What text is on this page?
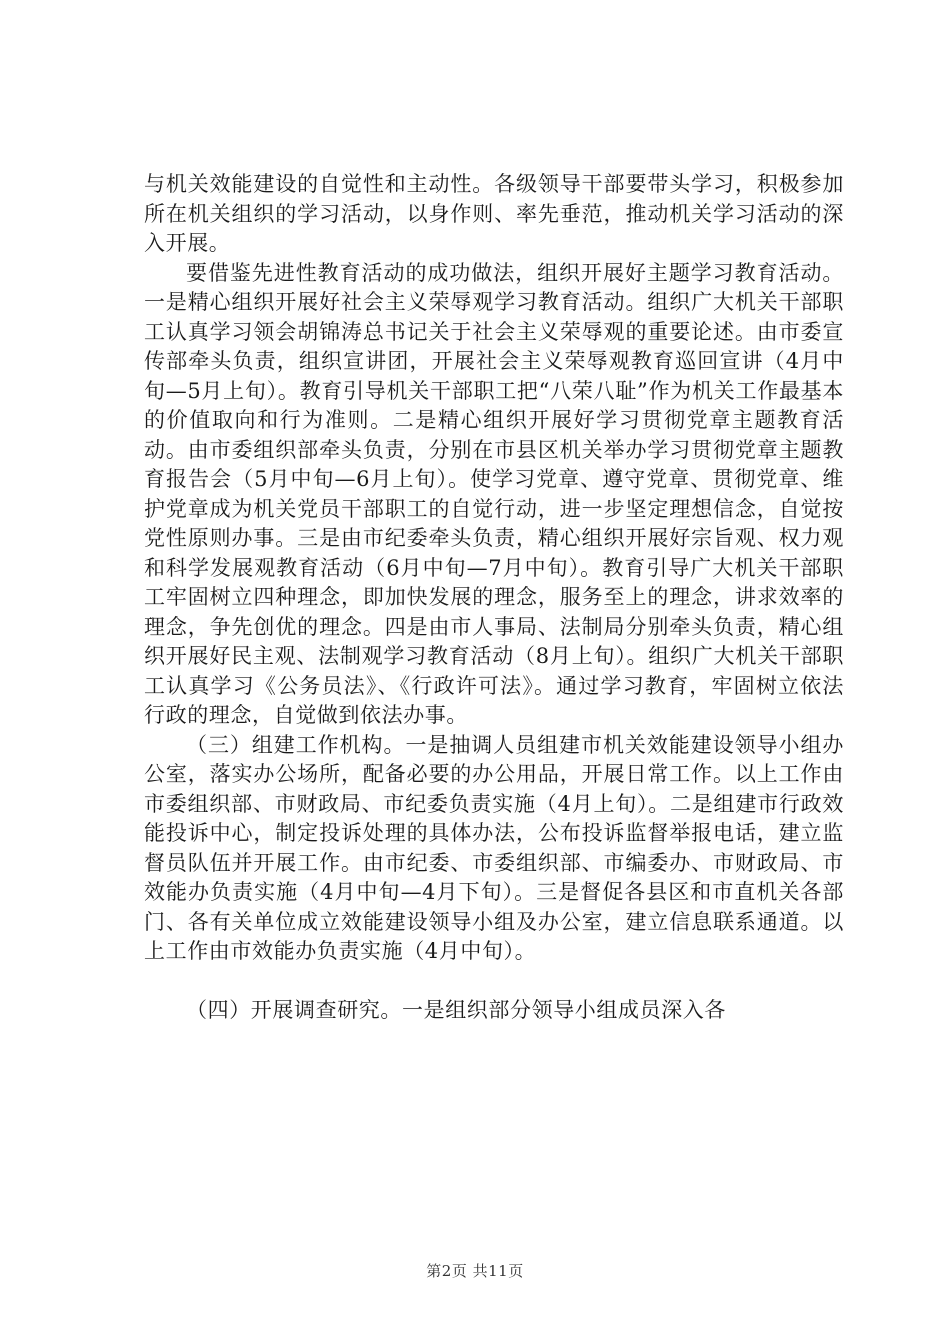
与机关效能建设的自觉性和主动性。各级领导干部要带头学习，积极参加所在机关组织的学习活动，以身作则、率先垂范，推动机关学习活动的深入开展。

要借鉴先进性教育活动的成功做法，组织开展好主题学习教育活动。一是精心组织开展好社会主义荣辱观学习教育活动。组织广大机关干部职工认真学习领会胡锦涛总书记关于社会主义荣辱观的重要论述。由市委宣传部牵头负责，组织宣讲团，开展社会主义荣辱观教育巡回宣讲（4月中旬—5月上旬）。教育引导机关干部职工把“八荣八耻”作为机关工作最基本的价值取向和行为准则。二是精心组织开展好学习贯彻党章主题教育活动。由市委组织部牵头负责，分别在市县区机关举办学习贯彻党章主题教育报告会（5月中旬—6月上旬）。使学习党章、遵守党章、贯彻党章、维护党章成为机关党员干部职工的自觉行动，进一步坚定理想信念，自觉按党性原则办事。三是由市纪委牵头负责，精心组织开展好宗旨观、权力观和科学发展观教育活动（6月中旬—7月中旬）。教育引导广大机关干部职工牢固树立四种理念，即加快发展的理念，服务至上的理念，讲求效率的理念，争先创优的理念。四是由市人事局、法制局分别牵头负责，精心组织开展好民主观、法制观学习教育活动（8月上旬）。组织广大机关干部职工认真学习《公务员法》、《行政许可法》。通过学习教育，牢固树立依法行政的理念，自觉做到依法办事。

（三）组建工作机构。一是抽调人员组建市机关效能建设领导小组办公室，落实办公场所，配备必要的办公用品，开展日常工作。以上工作由市委组织部、市财政局、市纪委负责实施（4月上旬）。二是组建市行政效能投诉中心，制定投诉处理的具体办法，公布投诉监督举报电话，建立监督员队伍并开展工作。由市纪委、市委组织部、市编委办、市财政局、市效能办负责实施（4月中旬—4月下旬）。三是督促各县区和市直机关各部门、各有关单位成立效能建设领导小组及办公室，建立信息联系通道。以上工作由市效能办负责实施（4月中旬）。

（四）开展调查研究。一是组织部分领导小组成员深入各

第2页 共11页
